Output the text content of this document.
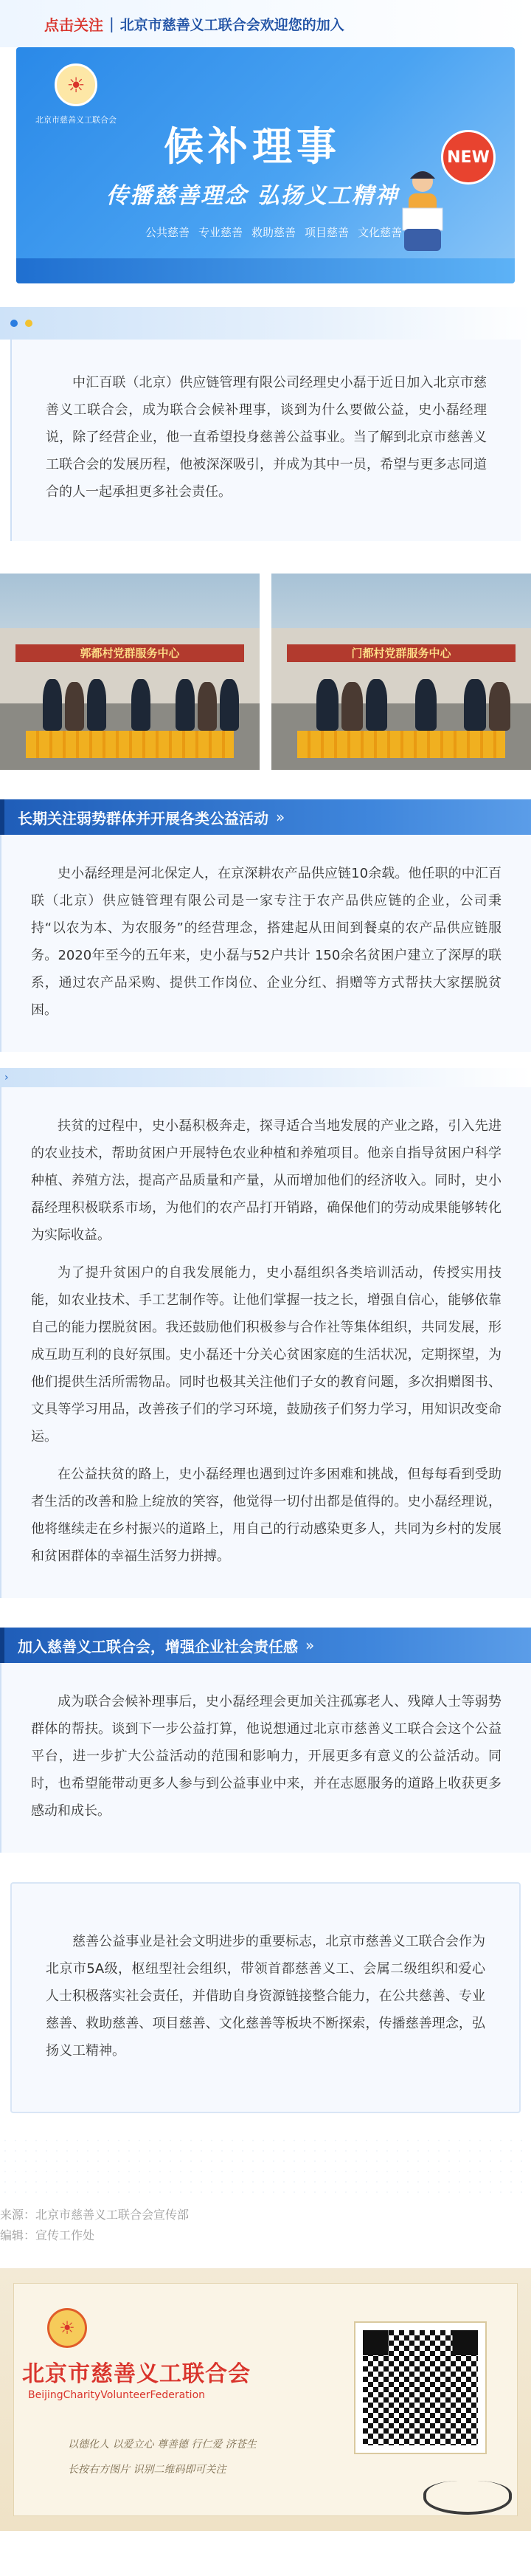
点击关注 | 北京市慈善义工联合会欢迎您的加入
☀
北京市慈善义工联合会
候补理事
传播慈善理念 弘扬义工精神
公共慈善 专业慈善 救助慈善 项目慈善 文化慈善
NEW

中汇百联（北京）供应链管理有限公司经理史小磊于近日加入北京市慈善义工联合会，成为联合会候补理事，谈到为什么要做公益，史小磊经理说，除了经营企业，他一直希望投身慈善公益事业。当了解到北京市慈善义工联合会的发展历程，他被深深吸引，并成为其中一员，希望与更多志同道合的人一起承担更多社会责任。

郭都村党群服务中心	门都村党群服务中心
长期关注弱势群体并开展各类公益活动 »

史小磊经理是河北保定人，在京深耕农产品供应链10余载。他任职的中汇百联（北京）供应链管理有限公司是一家专注于农产品供应链的企业，公司秉持“以农为本、为农服务”的经营理念，搭建起从田间到餐桌的农产品供应链服务。2020年至今的五年来，史小磊与52户共计 150余名贫困户建立了深厚的联系，通过农产品采购、提供工作岗位、企业分红、捐赠等方式帮扶大家摆脱贫困。

›

扶贫的过程中，史小磊积极奔走，探寻适合当地发展的产业之路，引入先进的农业技术，帮助贫困户开展特色农业种植和养殖项目。他亲自指导贫困户科学种植、养殖方法，提高产品质量和产量，从而增加他们的经济收入。同时，史小磊经理积极联系市场，为他们的农产品打开销路，确保他们的劳动成果能够转化为实际收益。

为了提升贫困户的自我发展能力，史小磊组织各类培训活动，传授实用技能，如农业技术、手工艺制作等。让他们掌握一技之长，增强自信心，能够依靠自己的能力摆脱贫困。我还鼓励他们积极参与合作社等集体组织，共同发展，形成互助互利的良好氛围。史小磊还十分关心贫困家庭的生活状况，定期探望，为他们提供生活所需物品。同时也极其关注他们子女的教育问题，多次捐赠图书、文具等学习用品，改善孩子们的学习环境，鼓励孩子们努力学习，用知识改变命运。

在公益扶贫的路上，史小磊经理也遇到过许多困难和挑战，但每每看到受助者生活的改善和脸上绽放的笑容，他觉得一切付出都是值得的。史小磊经理说，他将继续走在乡村振兴的道路上，用自己的行动感染更多人，共同为乡村的发展和贫困群体的幸福生活努力拼搏。

加入慈善义工联合会，增强企业社会责任感 »

成为联合会候补理事后，史小磊经理会更加关注孤寡老人、残障人士等弱势群体的帮扶。谈到下一步公益打算，他说想通过北京市慈善义工联合会这个公益平台，进一步扩大公益活动的范围和影响力，开展更多有意义的公益活动。同时，也希望能带动更多人参与到公益事业中来，并在志愿服务的道路上收获更多感动和成长。

慈善公益事业是社会文明进步的重要标志，北京市慈善义工联合会作为北京市5A级，枢纽型社会组织，带领首都慈善义工、会属二级组织和爱心人士积极落实社会责任，并借助自身资源链接整合能力，在公共慈善、专业慈善、救助慈善、项目慈善、文化慈善等板块不断探索，传播慈善理念，弘扬义工精神。

来源：北京市慈善义工联合会宣传部
编辑：宣传工作处
☀
北京市慈善义工联合会
BeijingCharityVolunteerFederation
以德化人 以爱立心 尊善德 行仁爱 济苍生
长按右方图片 识别二维码即可关注
